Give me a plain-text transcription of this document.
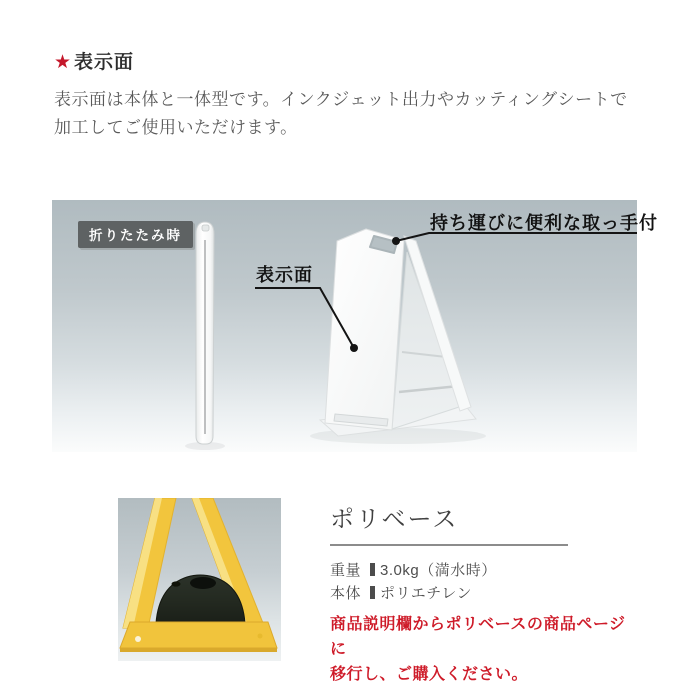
★ 表示面
表示面は本体と一体型です。インクジェット出力やカッティングシートで
加工してご使用いただけます。
折りたたみ時
表示面
持ち運びに便利な取っ手付
ポリベース
重量 3.0kg（満水時）
本体 ポリエチレン
商品説明欄からポリベースの商品ページに
移行し、ご購入ください。
